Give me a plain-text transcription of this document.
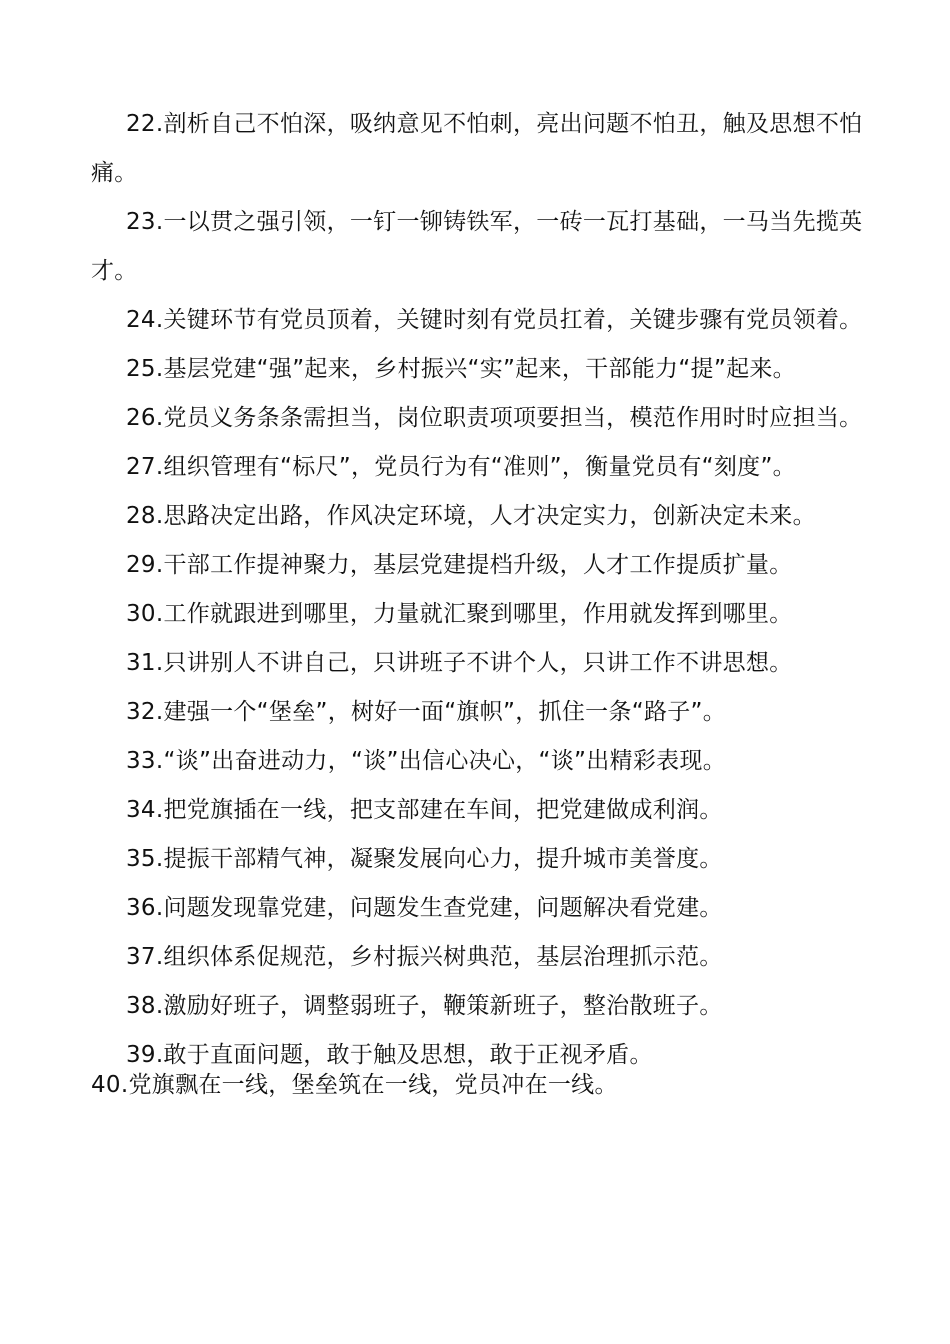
22.剖析自己不怕深，吸纳意见不怕刺，亮出问题不怕丑，触及思想不怕痛。

23.一以贯之强引领，一钉一铆铸铁军，一砖一瓦打基础，一马当先揽英才。

24.关键环节有党员顶着，关键时刻有党员扛着，关键步骤有党员领着。

25.基层党建“强”起来，乡村振兴“实”起来，干部能力“提”起来。

26.党员义务条条需担当，岗位职责项项要担当，模范作用时时应担当。

27.组织管理有“标尺”，党员行为有“准则”，衡量党员有“刻度”。

28.思路决定出路，作风决定环境，人才决定实力，创新决定未来。

29.干部工作提神聚力，基层党建提档升级，人才工作提质扩量。

30.工作就跟进到哪里，力量就汇聚到哪里，作用就发挥到哪里。

31.只讲别人不讲自己，只讲班子不讲个人，只讲工作不讲思想。

32.建强一个“堡垒”，树好一面“旗帜”，抓住一条“路子”。

33.“谈”出奋进动力，“谈”出信心决心，“谈”出精彩表现。

34.把党旗插在一线，把支部建在车间，把党建做成利润。

35.提振干部精气神，凝聚发展向心力，提升城市美誉度。

36.问题发现靠党建，问题发生查党建，问题解决看党建。

37.组织体系促规范，乡村振兴树典范，基层治理抓示范。

38.激励好班子，调整弱班子，鞭策新班子，整治散班子。

39.敢于直面问题，敢于触及思想，敢于正视矛盾。

40.党旗飘在一线，堡垒筑在一线，党员冲在一线。
